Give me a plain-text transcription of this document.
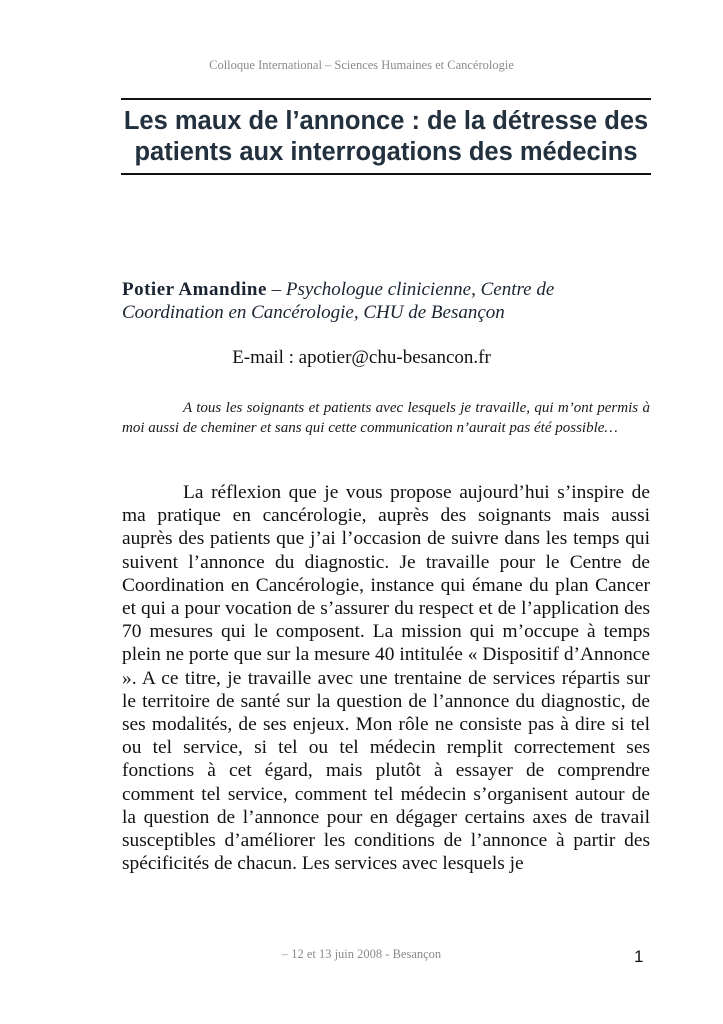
Colloque International – Sciences Humaines et Cancérologie
Les maux de l’annonce : de la détresse des patients aux interrogations des médecins
Potier Amandine – Psychologue clinicienne, Centre de Coordination en Cancérologie, CHU de Besançon
E-mail : apotier@chu-besancon.fr

A tous les soignants et patients avec lesquels je travaille, qui m’ont permis à moi aussi de cheminer et sans qui cette communication n’aurait pas été possible…

La réflexion que je vous propose aujourd’hui s’inspire de ma pratique en cancérologie, auprès des soignants mais aussi auprès des patients que j’ai l’occasion de suivre dans les temps qui suivent l’annonce du diagnostic. Je travaille pour le Centre de Coordination en Cancérologie, instance qui émane du plan Cancer et qui a pour vocation de s’assurer du respect et de l’application des 70 mesures qui le composent. La mission qui m’occupe à temps plein ne porte que sur la mesure 40 intitulée « Dispositif d’Annonce ». A ce titre, je travaille avec une trentaine de services répartis sur le territoire de santé sur la question de l’annonce du diagnostic, de ses modalités, de ses enjeux. Mon rôle ne consiste pas à dire si tel ou tel service, si tel ou tel médecin remplit correctement ses fonctions à cet égard, mais plutôt à essayer de comprendre comment tel service, comment tel médecin s’organisent autour de la question de l’annonce pour en dégager certains axes de travail susceptibles d’améliorer les conditions de l’annonce à partir des spécificités de chacun. Les services avec lesquels je

– 12 et 13 juin 2008 - Besançon	1
